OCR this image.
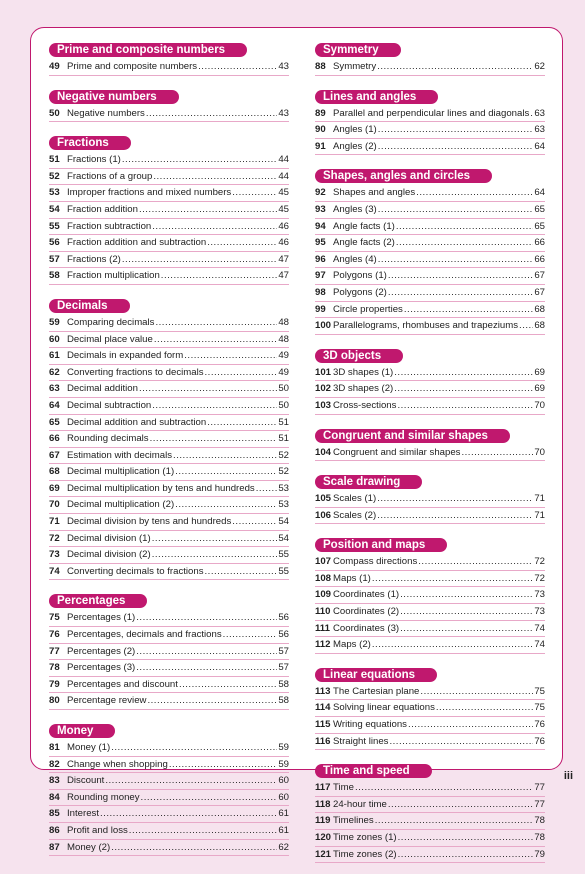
Prime and composite numbers
49 Prime and composite numbers .....	43
Negative numbers
50 Negative numbers .....	43
Fractions
51 Fractions (1) .....	44
52 Fractions of a group .....	44
53 Improper fractions and mixed numbers .....	45
54 Fraction addition .....	45
55 Fraction subtraction .....	46
56 Fraction addition and subtraction .....	46
57 Fractions (2) .....	47
58 Fraction multiplication .....	47
Decimals
59 Comparing decimals .....	48
60 Decimal place value .....	48
61 Decimals in expanded form .....	49
62 Converting fractions to decimals .....	49
63 Decimal addition .....	50
64 Decimal subtraction .....	50
65 Decimal addition and subtraction .....	51
66 Rounding decimals .....	51
67 Estimation with decimals .....	52
68 Decimal multiplication (1) .....	52
69 Decimal multiplication by tens and hundreds ..... 53
70 Decimal multiplication (2) .....	53
71 Decimal division by tens and hundreds .....	54
72 Decimal division (1) .....	54
73 Decimal division (2) .....	55
74 Converting decimals to fractions .....	55
Percentages
75 Percentages (1) .....	56
76 Percentages, decimals and fractions .....	56
77 Percentages (2) .....	57
78 Percentages (3) .....	57
79 Percentages and discount .....	58
80 Percentage review .....	58
Money
81 Money (1) .....	59
82 Change when shopping .....	59
83 Discount .....	60
84 Rounding money .....	60
85 Interest .....	61
86 Profit and loss .....	61
87 Money (2) .....	62
Symmetry
88 Symmetry .....	62
Lines and angles
89 Parallel and perpendicular lines and diagonals ..... 63
90 Angles (1) .....	63
91 Angles (2) .....	64
Shapes, angles and circles
92 Shapes and angles .....	64
93 Angles (3) .....	65
94 Angle facts (1) .....	65
95 Angle facts (2) .....	66
96 Angles (4) .....	66
97 Polygons (1) .....	67
98 Polygons (2) .....	67
99 Circle properties .....	68
100 Parallelograms, rhombuses and trapeziums ..... 68
3D objects
101 3D shapes (1) .....	69
102 3D shapes (2) .....	69
103 Cross-sections .....	70
Congruent and similar shapes
104 Congruent and similar shapes .....	70
Scale drawing
105 Scales (1) .....	71
106 Scales (2) .....	71
Position and maps
107 Compass directions .....	72
108 Maps (1) .....	72
109 Coordinates (1) .....	73
110 Coordinates (2) .....	73
111 Coordinates (3) .....	74
112 Maps (2) .....	74
Linear equations
113 The Cartesian plane .....	75
114 Solving linear equations .....	75
115 Writing equations .....	76
116 Straight lines .....	76
Time and speed
117 Time .....	77
118 24-hour time .....	77
119 Timelines .....	78
120 Time zones (1) .....	78
121 Time zones (2) .....	79
iii
